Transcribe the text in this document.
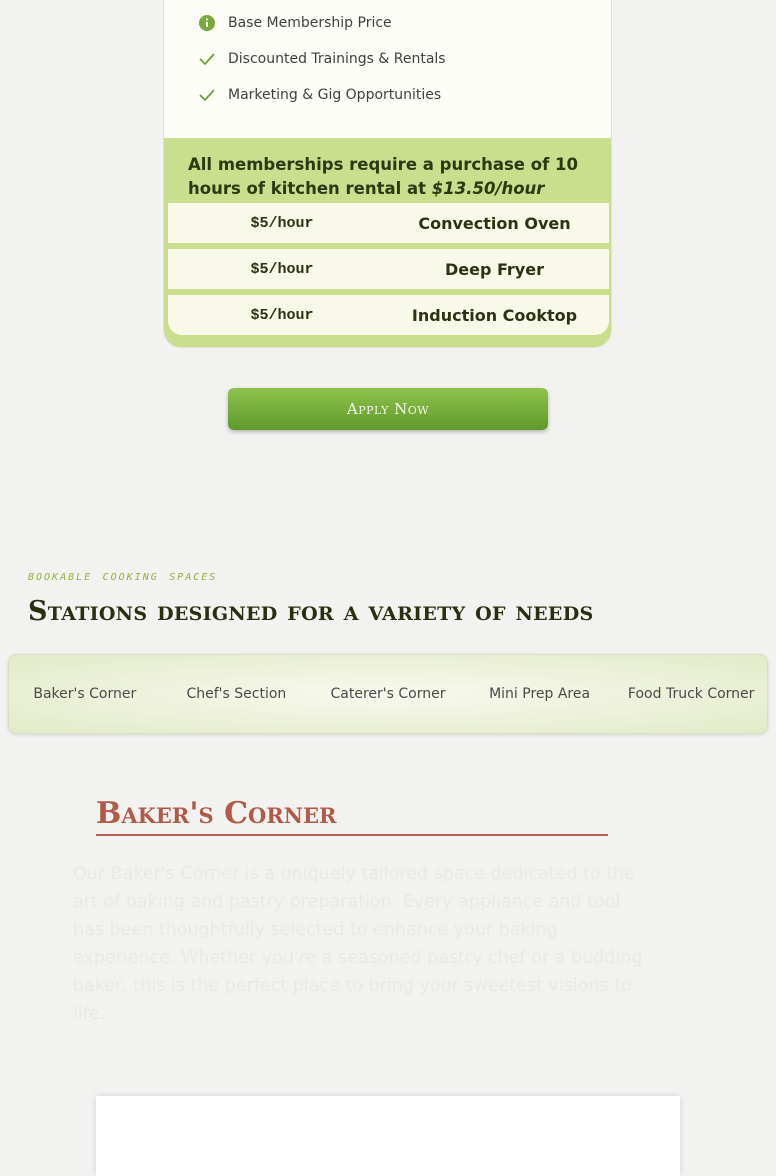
Base Membership Price
Discounted Trainings & Rentals
Marketing & Gig Opportunities
All memberships require a purchase of 10 hours of kitchen rental at $13.50/hour
$5/hour	Convection Oven
$5/hour	Deep Fryer
$5/hour	Induction Cooktop
Apply Now
bookable cooking spaces
Stations designed for a variety of needs
Baker's Corner	Chef's Section	Caterer's Corner	Mini Prep Area	Food Truck Corner
Baker's Corner
Our Baker's Corner is a uniquely tailored space dedicated to the art of baking and pastry preparation. Every appliance and tool has been thoughtfully selected to enhance your baking experience. Whether you're a seasoned pastry chef or a budding baker, this is the perfect place to bring your sweetest visions to life.
